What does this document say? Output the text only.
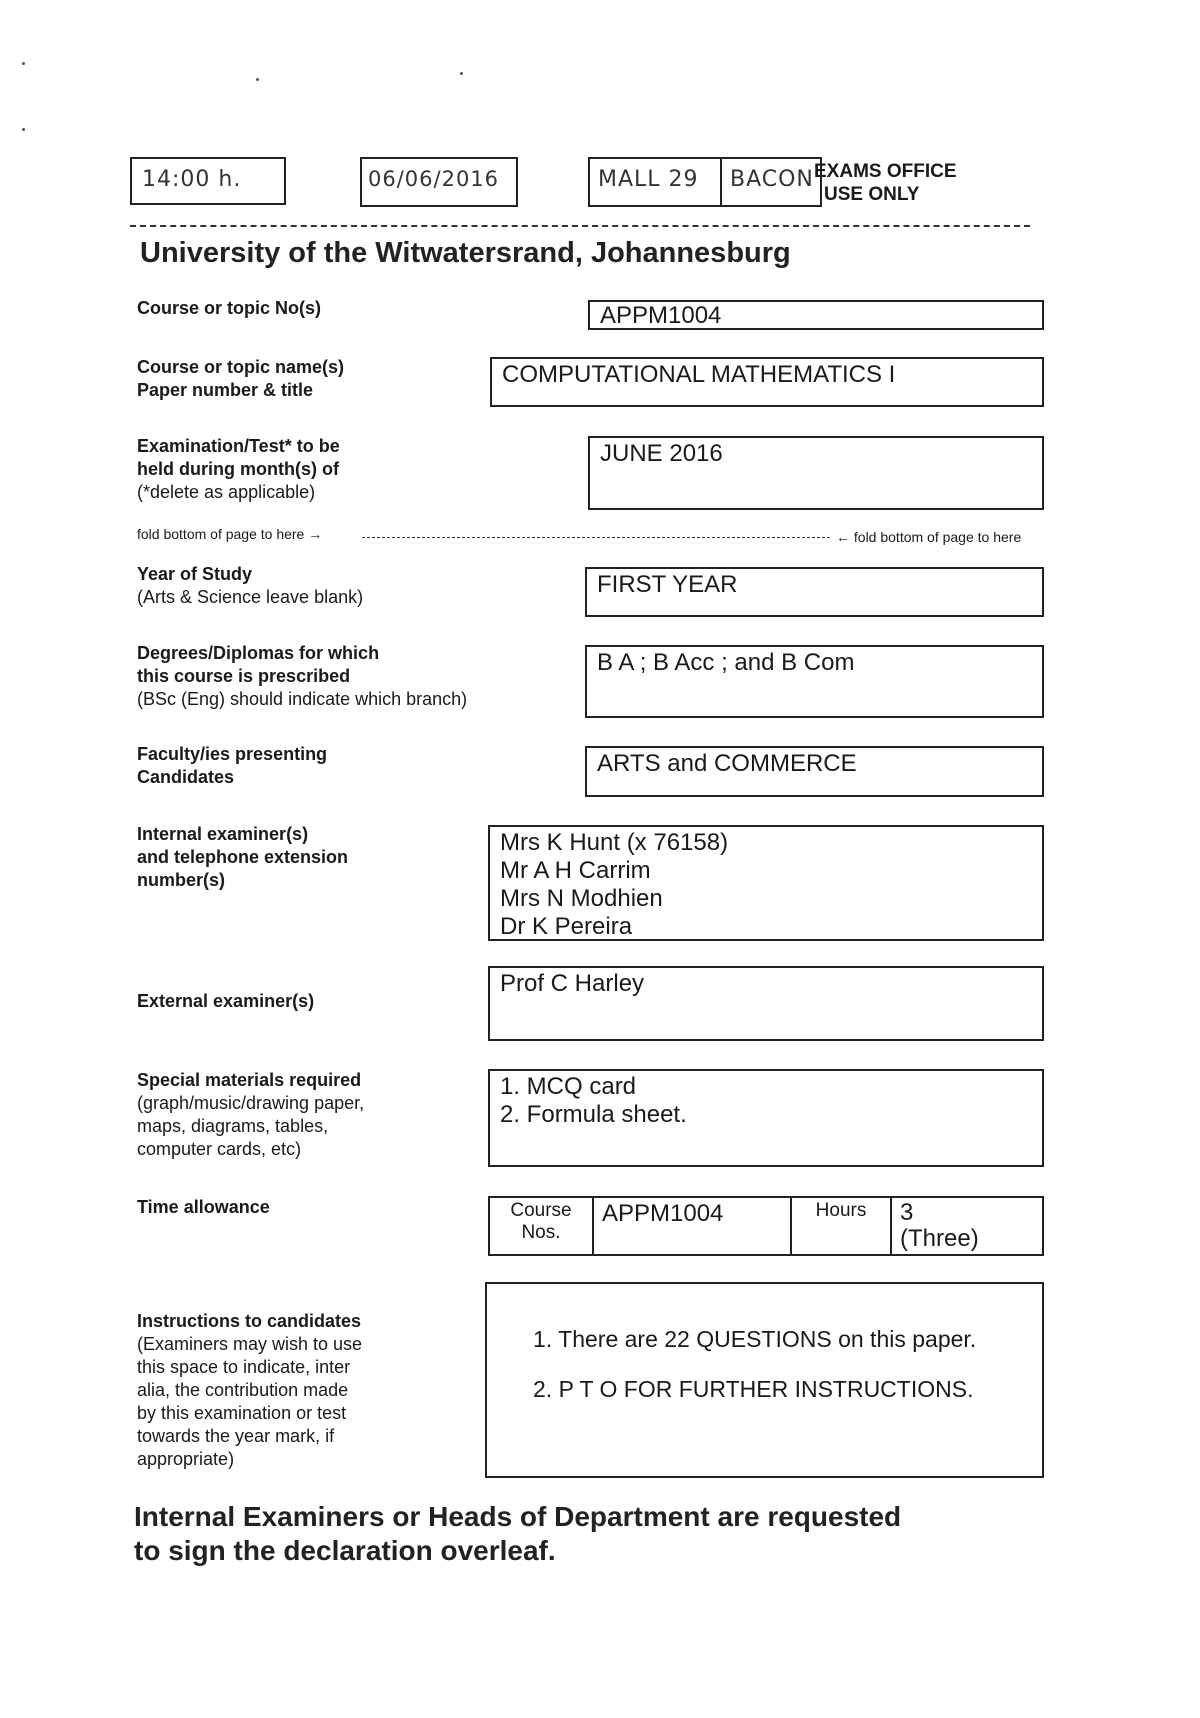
14:00 h.	06/06/2016	MALL 29 BACON EXAMS OFFICE
USE ONLY
University of the Witwatersrand, Johannesburg
Course or topic No(s)	APPM1004
Course or topic name(s)
Paper number & title
COMPUTATIONAL MATHEMATICS I
Examination/Test* to be
held during month(s) of
(*delete as applicable)
JUNE 2016
fold bottom of page to here →	← fold bottom of page to here
Year of Study
(Arts & Science leave blank)	FIRST YEAR
Degrees/Diplomas for which
this course is prescribed
(BSc (Eng) should indicate which branch)
B A ; B Acc ; and B Com
Faculty/ies presenting
Candidates	ARTS and COMMERCE
Internal examiner(s)
and telephone extension
number(s)
Mrs K Hunt (x 76158)
Mr A H Carrim
Mrs N Modhien
Dr K Pereira
External examiner(s)
Prof C Harley
Special materials required
(graph/music/drawing paper,
maps, diagrams, tables,
computer cards, etc)
1. MCQ card
2. Formula sheet.
Time allowance	Course
Nos.
	APPM1004	Hours	3
(Three)
Instructions to candidates
(Examiners may wish to use
this space to indicate, inter
alia, the contribution made
by this examination or test
towards the year mark, if
appropriate)
1. There are 22 QUESTIONS on this paper.
2. P T O FOR FURTHER INSTRUCTIONS.
Internal Examiners or Heads of Department are requested
to sign the declaration overleaf.
